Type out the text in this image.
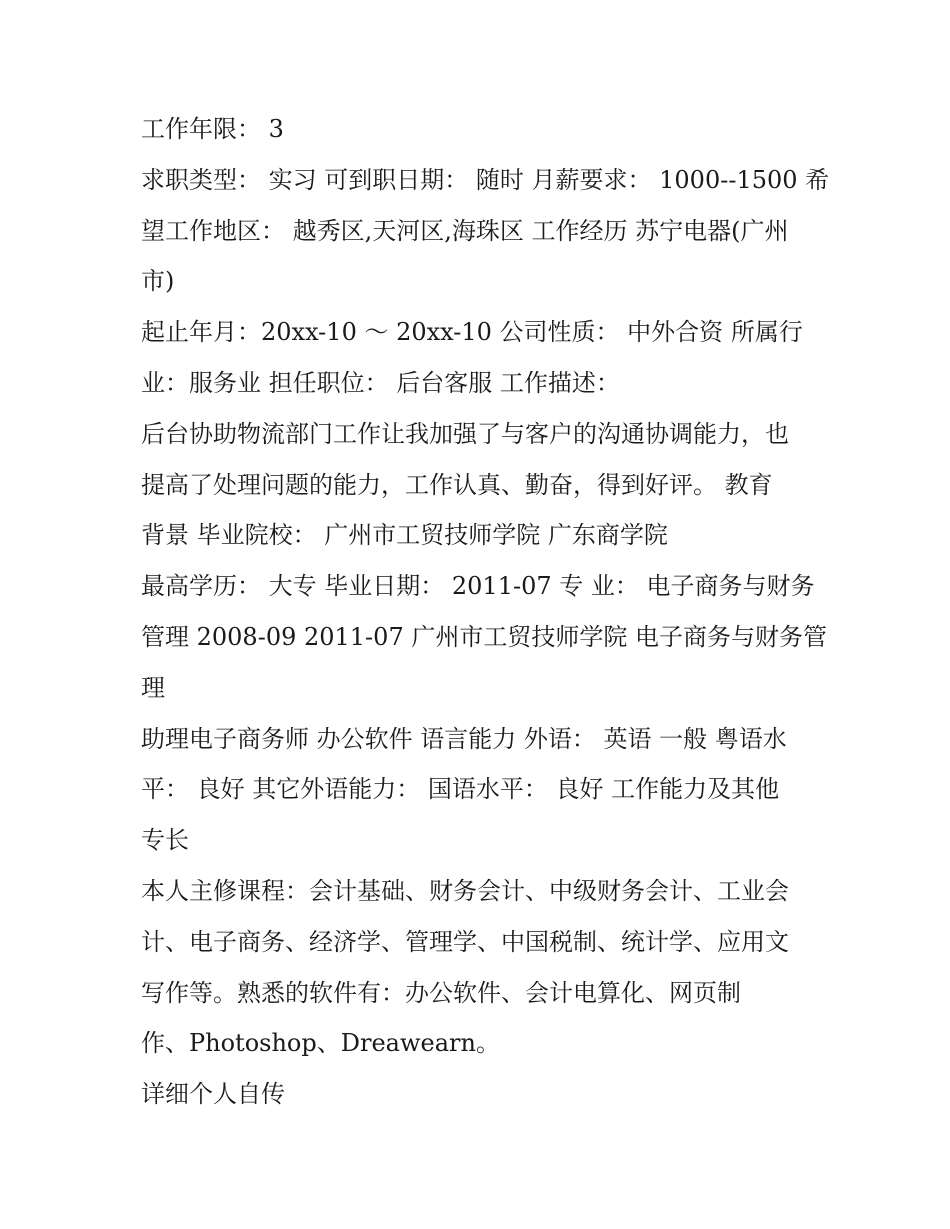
工作年限： 3
求职类型： 实习 可到职日期： 随时 月薪要求： 1000--1500 希
望工作地区： 越秀区,天河区,海珠区 工作经历 苏宁电器(广州
市)
起止年月：20xx-10 ～ 20xx-10 公司性质： 中外合资 所属行
业：服务业 担任职位： 后台客服 工作描述：
后台协助物流部门工作让我加强了与客户的沟通协调能力，也
提高了处理问题的能力，工作认真、勤奋，得到好评。 教育
背景 毕业院校： 广州市工贸技师学院 广东商学院
最高学历： 大专 毕业日期： 2011-07 专 业： 电子商务与财务
管理 2008-09 2011-07 广州市工贸技师学院 电子商务与财务管
理
助理电子商务师 办公软件 语言能力 外语： 英语 一般 粤语水
平： 良好 其它外语能力： 国语水平： 良好 工作能力及其他
专长
本人主修课程：会计基础、财务会计、中级财务会计、工业会
计、电子商务、经济学、管理学、中国税制、统计学、应用文
写作等。熟悉的软件有：办公软件、会计电算化、网页制
作、Photoshop、Dreawearn。
详细个人自传
